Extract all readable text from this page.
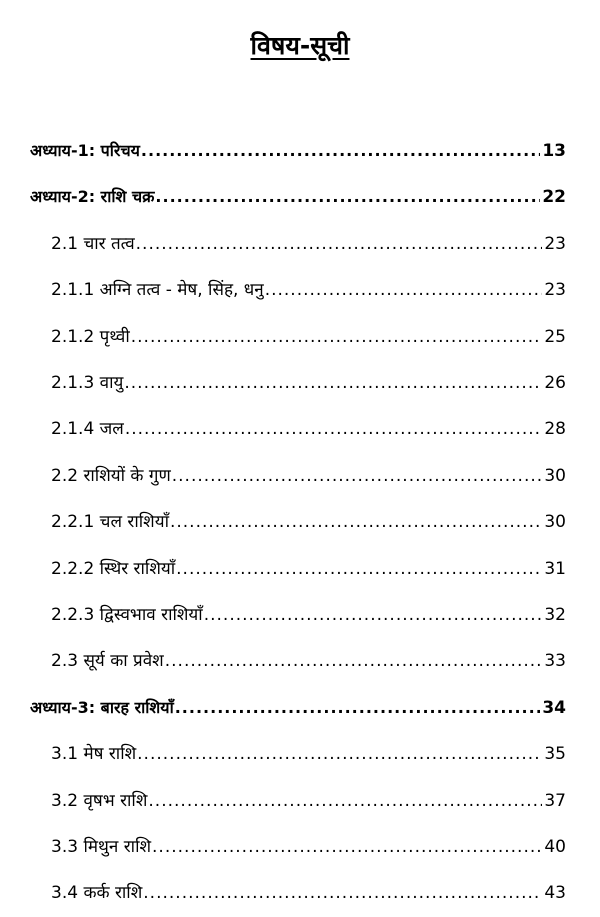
विषय-सूची
अध्याय-1: परिचय .....	13
अध्याय-2: राशि चक्र .....	22
2.1 चार तत्व .....	23
2.1.1 अग्नि तत्व - मेष, सिंह, धनु .....	23
2.1.2 पृथ्वी .....	25
2.1.3 वायु .....	26
2.1.4 जल .....	28
2.2 राशियों के गुण .....	30
2.2.1 चल राशियाँ .....	30
2.2.2 स्थिर राशियाँ .....	31
2.2.3 द्विस्वभाव राशियाँ .....	32
2.3 सूर्य का प्रवेश .....	33
अध्याय-3: बारह राशियाँ .....	34
3.1 मेष राशि .....	35
3.2 वृषभ राशि .....	37
3.3 मिथुन राशि .....	40
3.4 कर्क राशि .....	43
